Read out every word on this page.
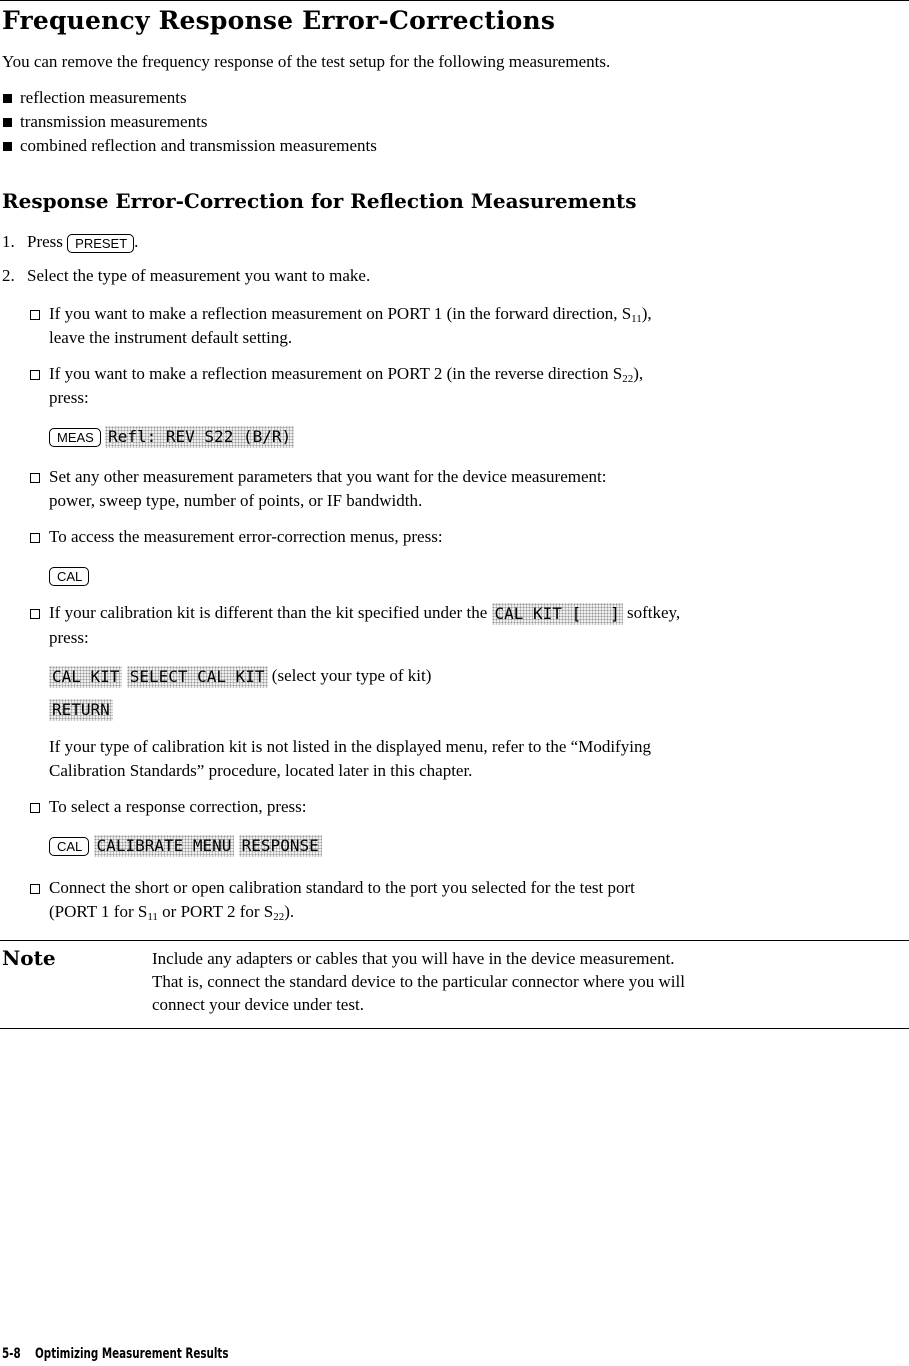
Frequency Response Error-Corrections
You can remove the frequency response of the test setup for the following measurements.
reflection measurements
transmission measurements
combined reflection and transmission measurements
Response Error-Correction for Reflection Measurements
1. Press PRESET .
2. Select the type of measurement you want to make.
If you want to make a reflection measurement on PORT 1 (in the forward direction, $S_{11}$),
leave the instrument default setting.
If you want to make a reflection measurement on PORT 2 (in the reverse direction $S_{22}$),
press:
MEAS Refl: REV S22 (B/R)
Set any other measurement parameters that you want for the device measurement:
power, sweep type, number of points, or IF bandwidth.
To access the measurement error-correction menus, press:
CAL
If your calibration kit is different than the kit specified under the CAL KIT [   ] softkey,
press:
CAL KIT SELECT CAL KIT (select your type of kit)
RETURN
If your type of calibration kit is not listed in the displayed menu, refer to the “Modifying
Calibration Standards” procedure, located later in this chapter.
To select a response correction, press:
CAL CALIBRATE MENU RESPONSE
Connect the short or open calibration standard to the port you selected for the test port
(PORT 1 for $S_{11}$ or PORT 2 for $S_{22}$).
Note	Include any adapters or cables that you will have in the device measurement.
That is, connect the standard device to the particular connector where you will
connect your device under test.
5-8    Optimizing Measurement Results
